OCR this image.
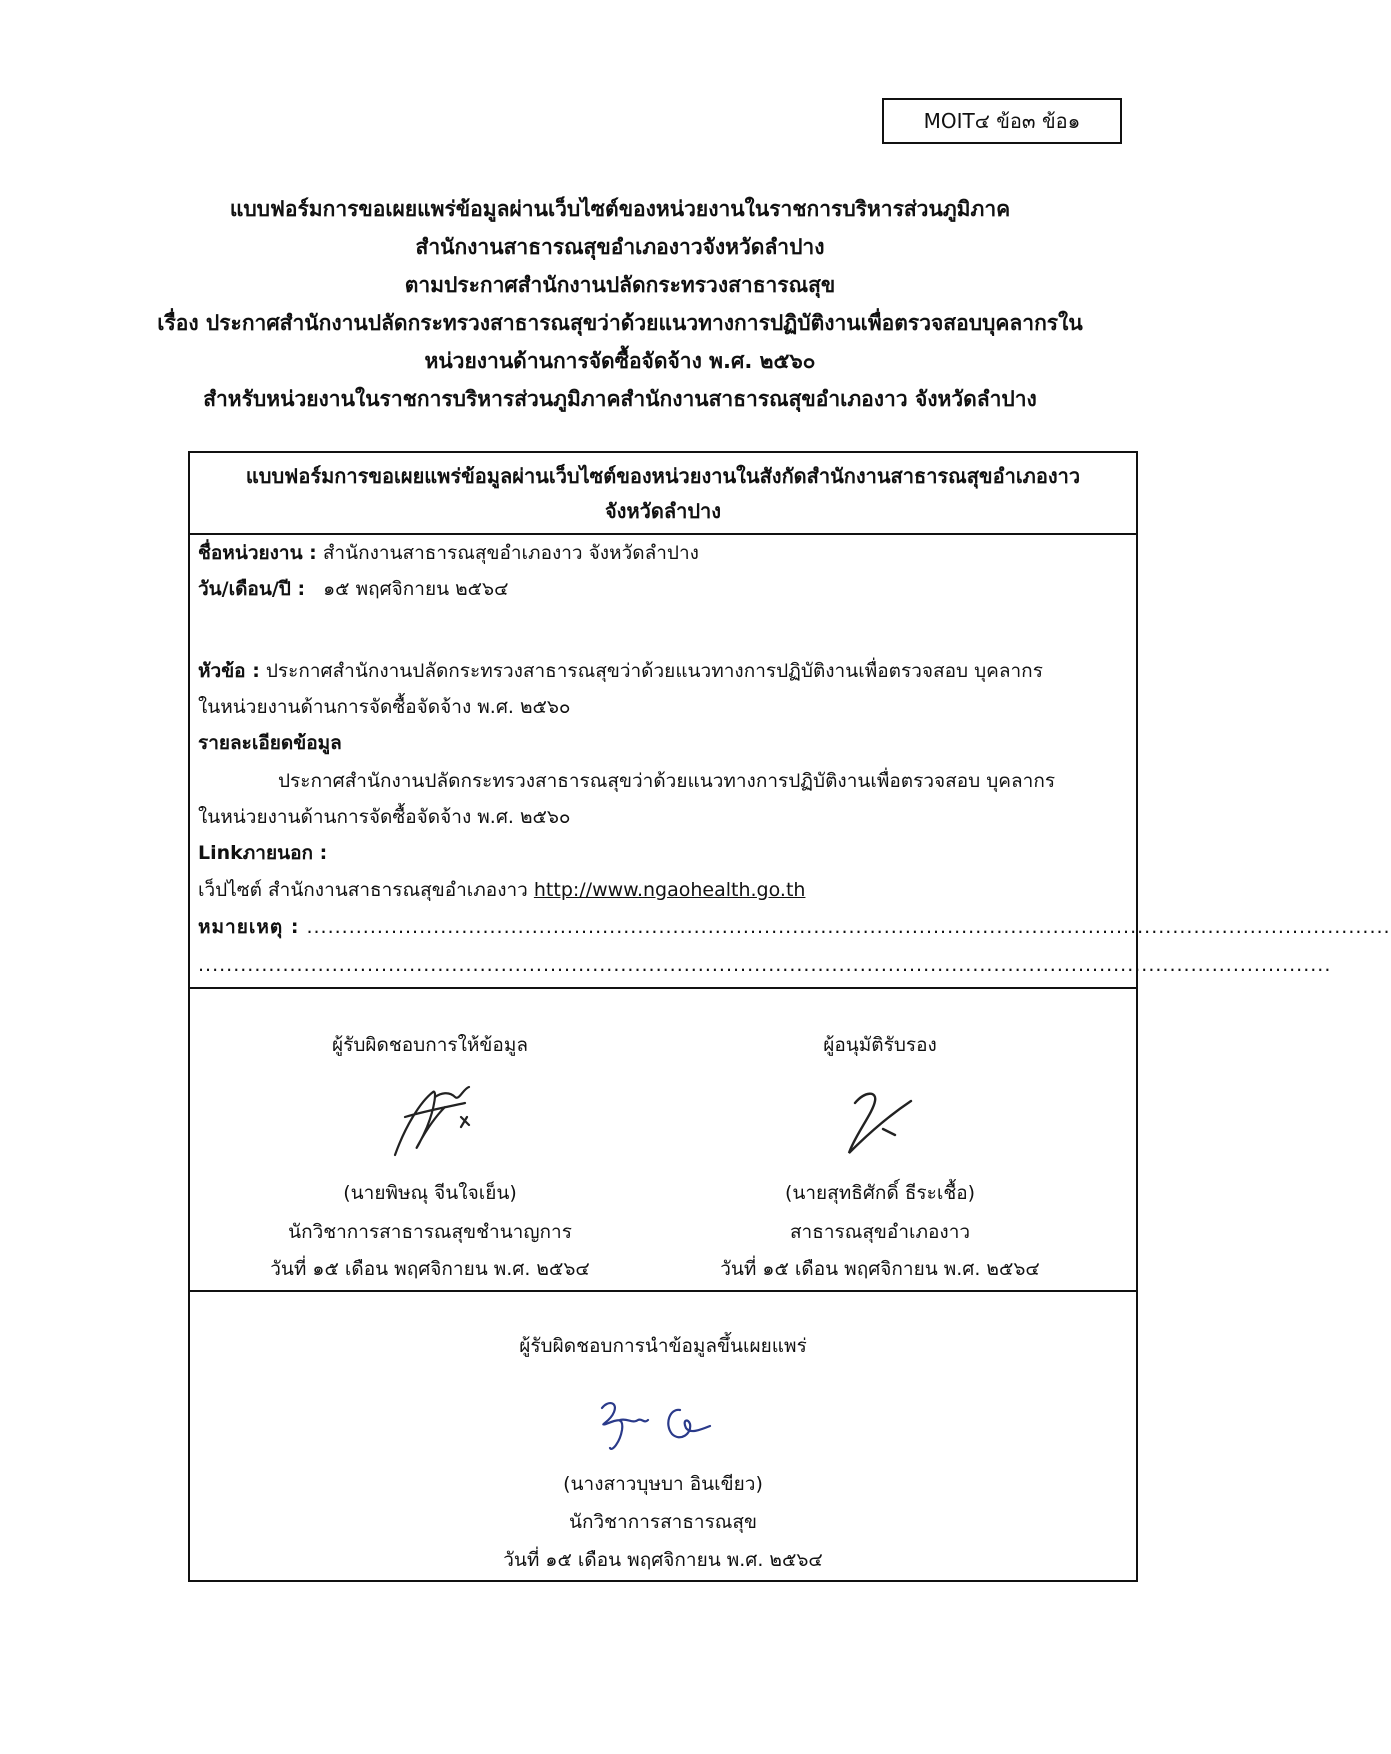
MOIT๔ ข้อ๓ ข้อ๑
แบบฟอร์มการขอเผยแพร่ข้อมูลผ่านเว็บไซต์ของหน่วยงานในราชการบริหารส่วนภูมิภาค
สำนักงานสาธารณสุขอำเภองาวจังหวัดลำปาง
ตามประกาศสำนักงานปลัดกระทรวงสาธารณสุข
เรื่อง ประกาศสำนักงานปลัดกระทรวงสาธารณสุขว่าด้วยแนวทางการปฏิบัติงานเพื่อตรวจสอบบุคลากรใน
หน่วยงานด้านการจัดซื้อจัดจ้าง พ.ศ. ๒๕๖๐
สำหรับหน่วยงานในราชการบริหารส่วนภูมิภาคสำนักงานสาธารณสุขอำเภองาว จังหวัดลำปาง
แบบฟอร์มการขอเผยแพร่ข้อมูลผ่านเว็บไซต์ของหน่วยงานในสังกัดสำนักงานสาธารณสุขอำเภองาว
จังหวัดลำปาง
ชื่อหน่วยงาน : สำนักงานสาธารณสุขอำเภองาว จังหวัดลำปาง
วัน/เดือน/ปี : ๑๕ พฤศจิกายน ๒๕๖๔
หัวข้อ : ประกาศสำนักงานปลัดกระทรวงสาธารณสุขว่าด้วยแนวทางการปฏิบัติงานเพื่อตรวจสอบ บุคลากร
ในหน่วยงานด้านการจัดซื้อจัดจ้าง พ.ศ. ๒๕๖๐
รายละเอียดข้อมูล
ประกาศสำนักงานปลัดกระทรวงสาธารณสุขว่าด้วยแนวทางการปฏิบัติงานเพื่อตรวจสอบ บุคลากร
ในหน่วยงานด้านการจัดซื้อจัดจ้าง พ.ศ. ๒๕๖๐
Linkภายนอก :
เว็ปไซต์ สำนักงานสาธารณสุขอำเภองาว http://www.ngaohealth.go.th
หมายเหตุ : ..........................................................................................................................................................
.................................................................................................................................................................
ผู้รับผิดชอบการให้ข้อมูล
(นายพิษณุ จีนใจเย็น)
นักวิชาการสาธารณสุขชำนาญการ
วันที่ ๑๕ เดือน พฤศจิกายน พ.ศ. ๒๕๖๔
ผู้อนุมัติรับรอง
(นายสุทธิศักดิ์ ธีระเชื้อ)
สาธารณสุขอำเภองาว
วันที่ ๑๕ เดือน พฤศจิกายน พ.ศ. ๒๕๖๔
ผู้รับผิดชอบการนำข้อมูลขึ้นเผยแพร่
(นางสาวบุษบา อินเขียว)
นักวิชาการสาธารณสุข
วันที่ ๑๕ เดือน พฤศจิกายน พ.ศ. ๒๕๖๔
